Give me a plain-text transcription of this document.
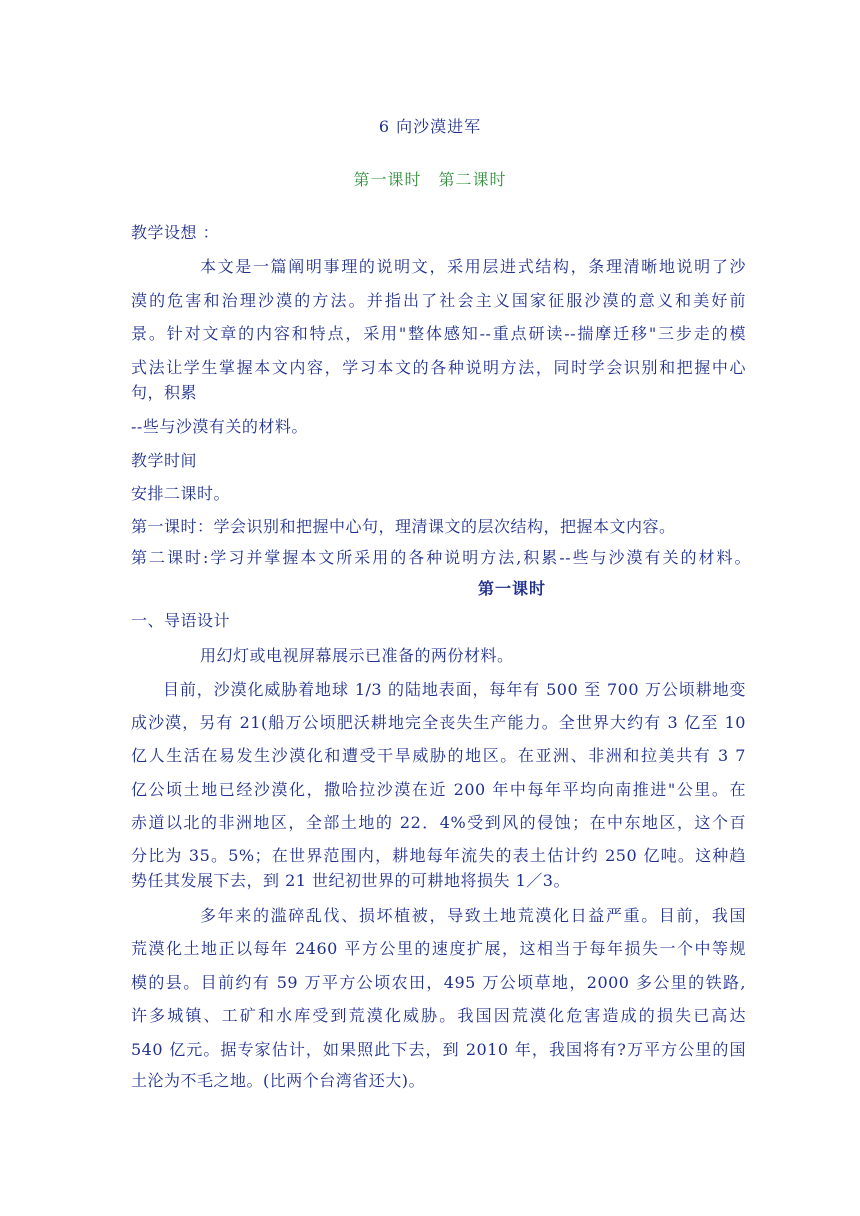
6 向沙漠进军
第一课时　第二课时
教学设想 ：
本文是一篇阐明事理的说明文，采用层进式结构，条理清晰地说明了沙
漠的危害和治理沙漠的方法。并指出了社会主义国家征服沙漠的意义和美好前
景。针对文章的内容和特点，采用"整体感知--重点研读--揣摩迁移"三步走的模
式法让学生掌握本文内容，学习本文的各种说明方法，同时学会识别和把握中心
句，积累
--些与沙漠有关的材料。
教学时间
安排二课时。
第一课时：学会识别和把握中心句，理清课文的层次结构，把握本文内容。
第二课时:学习并掌握本文所采用的各种说明方法,积累--些与沙漠有关的材料。
第一课时
一、导语设计
用幻灯或电视屏幕展示已准备的两份材料。
目前，沙漠化威胁着地球 1/3 的陆地表面，每年有 500 至 700 万公顷耕地变
成沙漠，另有 21(船万公顷肥沃耕地完全丧失生产能力。全世界大约有 3 亿至 10
亿人生活在易发生沙漠化和遭受干旱威胁的地区。在亚洲、非洲和拉美共有 3 7
亿公顷土地已经沙漠化，撒哈拉沙漠在近 200 年中每年平均向南推进"公里。在
赤道以北的非洲地区，全部土地的 22．4%受到风的侵蚀；在中东地区，这个百
分比为 35。5%；在世界范围内，耕地每年流失的表土估计约 250 亿吨。这种趋
势任其发展下去，到 21 世纪初世界的可耕地将损失 1／3。
多年来的滥碎乱伐、损坏植被，导致土地荒漠化日益严重。目前，我国
荒漠化土地正以每年 2460 平方公里的速度扩展，这相当于每年损失一个中等规
模的县。目前约有 59 万平方公顷农田，495 万公顷草地，2000 多公里的铁路,
许多城镇、工矿和水库受到荒漠化威胁。我国因荒漠化危害造成的损失已高达
540 亿元。据专家估计，如果照此下去，到 2010 年，我国将有?万平方公里的国
土沦为不毛之地。(比两个台湾省还大)。
